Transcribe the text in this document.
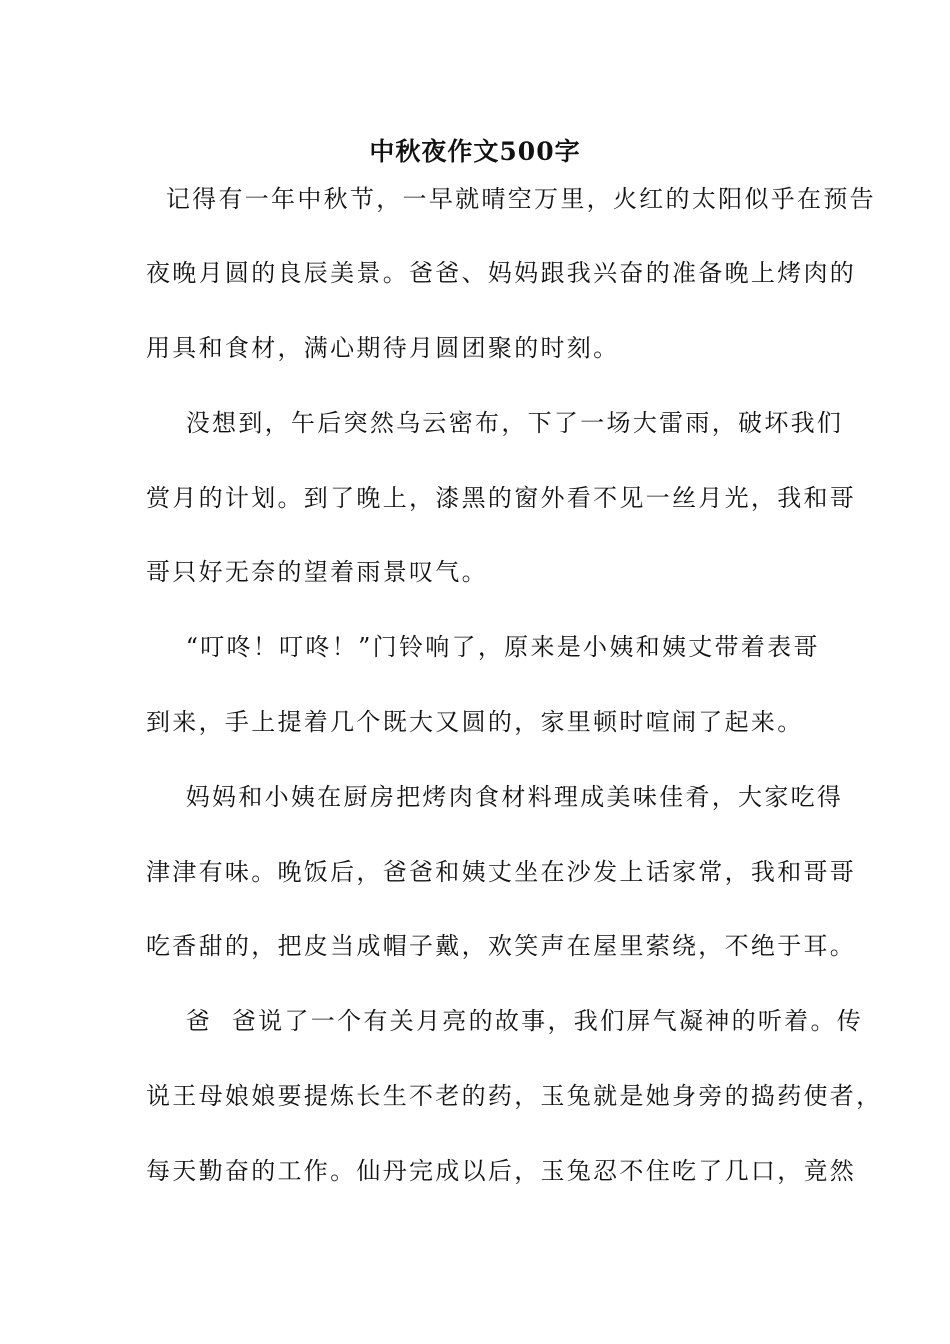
中秋夜作文500字
记得有一年中秋节，一早就晴空万里，火红的太阳似乎在预告
夜晚月圆的良辰美景。爸爸、妈妈跟我兴奋的准备晚上烤肉的
用具和食材，满心期待月圆团聚的时刻。
没想到，午后突然乌云密布，下了一场大雷雨，破坏我们
赏月的计划。到了晚上，漆黑的窗外看不见一丝月光，我和哥
哥只好无奈的望着雨景叹气。
“叮咚！叮咚！”门铃响了，原来是小姨和姨丈带着表哥
到来，手上提着几个既大又圆的，家里顿时喧闹了起来。
妈妈和小姨在厨房把烤肉食材料理成美味佳肴，大家吃得
津津有味。晚饭后，爸爸和姨丈坐在沙发上话家常，我和哥哥
吃香甜的，把皮当成帽子戴，欢笑声在屋里萦绕，不绝于耳。
爸  爸说了一个有关月亮的故事，我们屏气凝神的听着。传
说王母娘娘要提炼长生不老的药，玉兔就是她身旁的捣药使者，
每天勤奋的工作。仙丹完成以后，玉兔忍不住吃了几口，竟然
